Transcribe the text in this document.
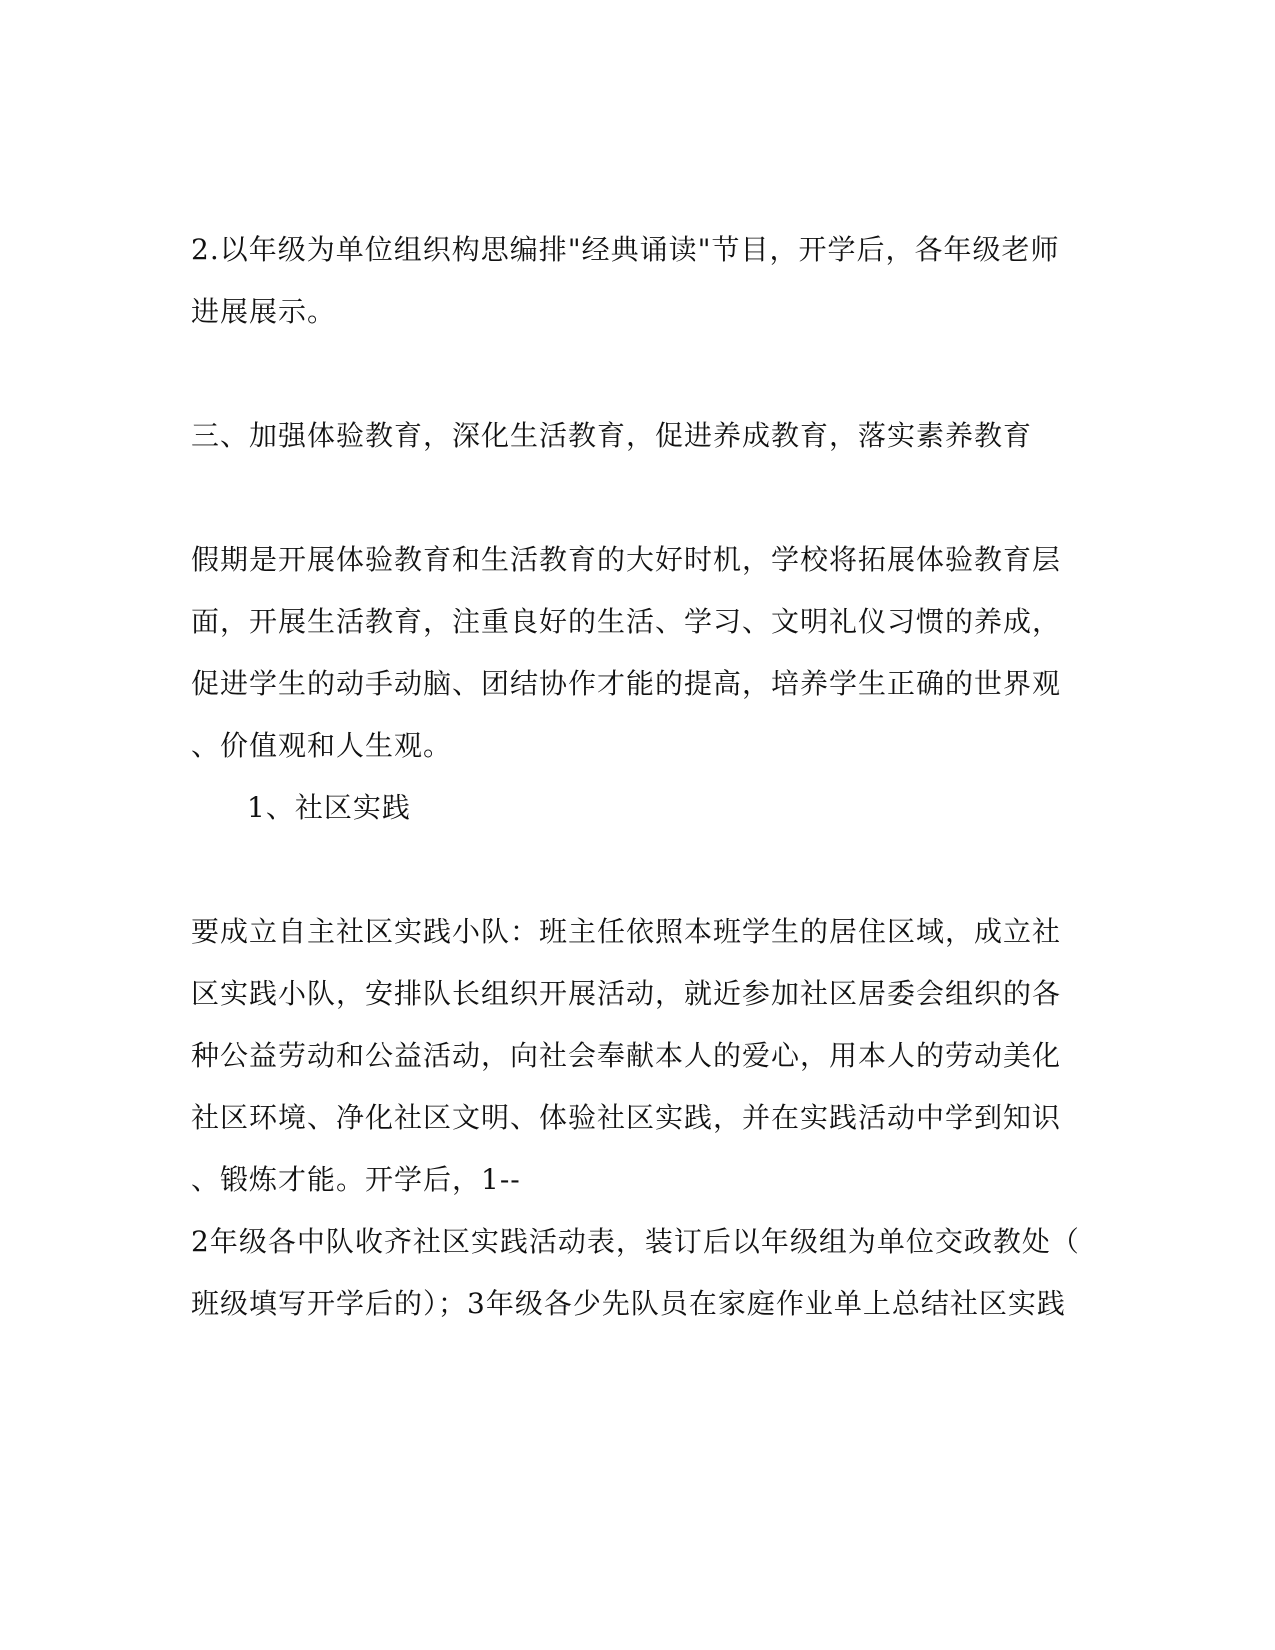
2.以年级为单位组织构思编排"经典诵读"节目，开学后，各年级老师
进展展示。
三、加强体验教育，深化生活教育，促进养成教育，落实素养教育
假期是开展体验教育和生活教育的大好时机，学校将拓展体验教育层
面，开展生活教育，注重良好的生活、学习、文明礼仪习惯的养成，
促进学生的动手动脑、团结协作才能的提高，培养学生正确的世界观
、价值观和人生观。
1、社区实践
要成立自主社区实践小队：班主任依照本班学生的居住区域，成立社
区实践小队，安排队长组织开展活动，就近参加社区居委会组织的各
种公益劳动和公益活动，向社会奉献本人的爱心，用本人的劳动美化
社区环境、净化社区文明、体验社区实践，并在实践活动中学到知识
、锻炼才能。开学后，1--
2年级各中队收齐社区实践活动表，装订后以年级组为单位交政教处（
班级填写开学后的）；3年级各少先队员在家庭作业单上总结社区实践
